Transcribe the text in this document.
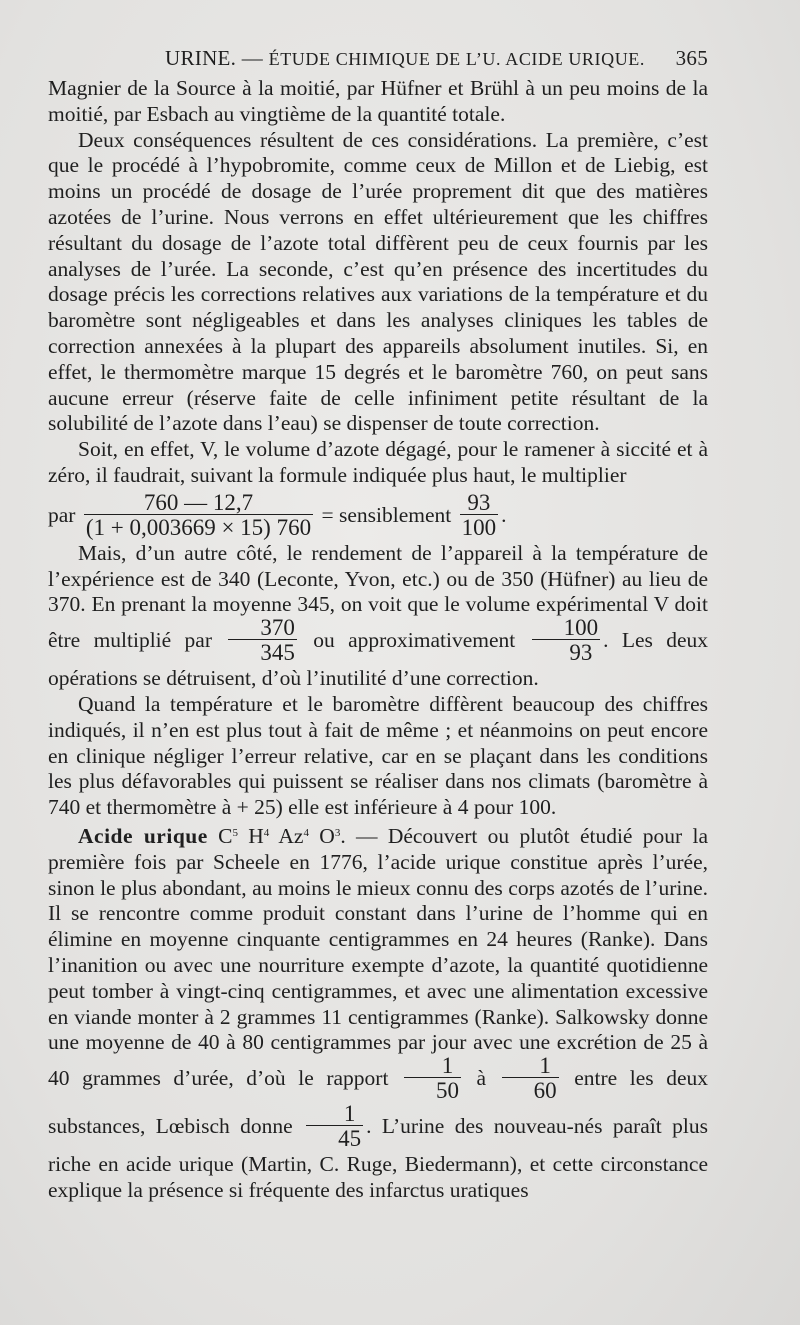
URINE. — ÉTUDE CHIMIQUE DE L’U. ACIDE URIQUE. 365

Magnier de la Source à la moitié, par Hüfner et Brühl à un peu moins de la moitié, par Esbach au vingtième de la quantité totale.

Deux conséquences résultent de ces considérations. La première, c’est que le procédé à l’hypobromite, comme ceux de Millon et de Liebig, est moins un procédé de dosage de l’urée proprement dit que des matières azotées de l’urine. Nous verrons en effet ultérieurement que les chiffres résultant du dosage de l’azote total diffèrent peu de ceux fournis par les analyses de l’urée. La seconde, c’est qu’en présence des incertitudes du dosage précis les corrections relatives aux variations de la température et du baromètre sont négligeables et dans les analyses cliniques les tables de correction annexées à la plupart des appareils absolument inutiles. Si, en effet, le thermomètre marque 15 degrés et le baromètre 760, on peut sans aucune erreur (réserve faite de celle infiniment petite résultant de la solubilité de l’azote dans l’eau) se dispenser de toute correction.

Soit, en effet, V, le volume d’azote dégagé, pour le ramener à siccité et à zéro, il faudrait, suivant la formule indiquée plus haut, le multiplier

par $\frac{760 — 12,7}{(1 + 0,003669 \times 15) 760}$ = sensiblement $\frac{93}{100}$ .

Mais, d’un autre côté, le rendement de l’appareil à la température de l’expérience est de 340 (Leconte, Yvon, etc.) ou de 350 (Hüfner) au lieu de 370. En prenant la moyenne 345, on voit que le volume expérimental V doit être multiplié par $\frac{370}{345}$ ou approximativement $\frac{100}{93}$ . Les deux opérations se détruisent, d’où l’inutilité d’une correction.

Quand la température et le baromètre diffèrent beaucoup des chiffres indiqués, il n’en est plus tout à fait de même ; et néanmoins on peut encore en clinique négliger l’erreur relative, car en se plaçant dans les conditions les plus défavorables qui puissent se réaliser dans nos climats (baromètre à 740 et thermomètre à + 25) elle est inférieure à 4 pour 100.

Acide urique $C^5$ $H^4$ Az$^4$ $O^3$. — Découvert ou plutôt étudié pour la première fois par Scheele en 1776, l’acide urique constitue après l’urée, sinon le plus abondant, au moins le mieux connu des corps azotés de l’urine. Il se rencontre comme produit constant dans l’urine de l’homme qui en élimine en moyenne cinquante centigrammes en 24 heures (Ranke). Dans l’inanition ou avec une nourriture exempte d’azote, la quantité quotidienne peut tomber à vingt-cinq centigrammes, et avec une alimentation excessive en viande monter à 2 grammes 11 centigrammes (Ranke). Salkowsky donne une moyenne de 40 à 80 centigrammes par jour avec une excrétion de 25 à 40 grammes d’urée, d’où le rapport $\frac{1}{50}$ à $\frac{1}{60}$ entre les deux substances, Lœbisch donne $\frac{1}{45}$ . L’urine des nouveau-nés paraît plus riche en acide urique (Martin, C. Ruge, Biedermann), et cette circonstance explique la présence si fréquente des infarctus uratiques
